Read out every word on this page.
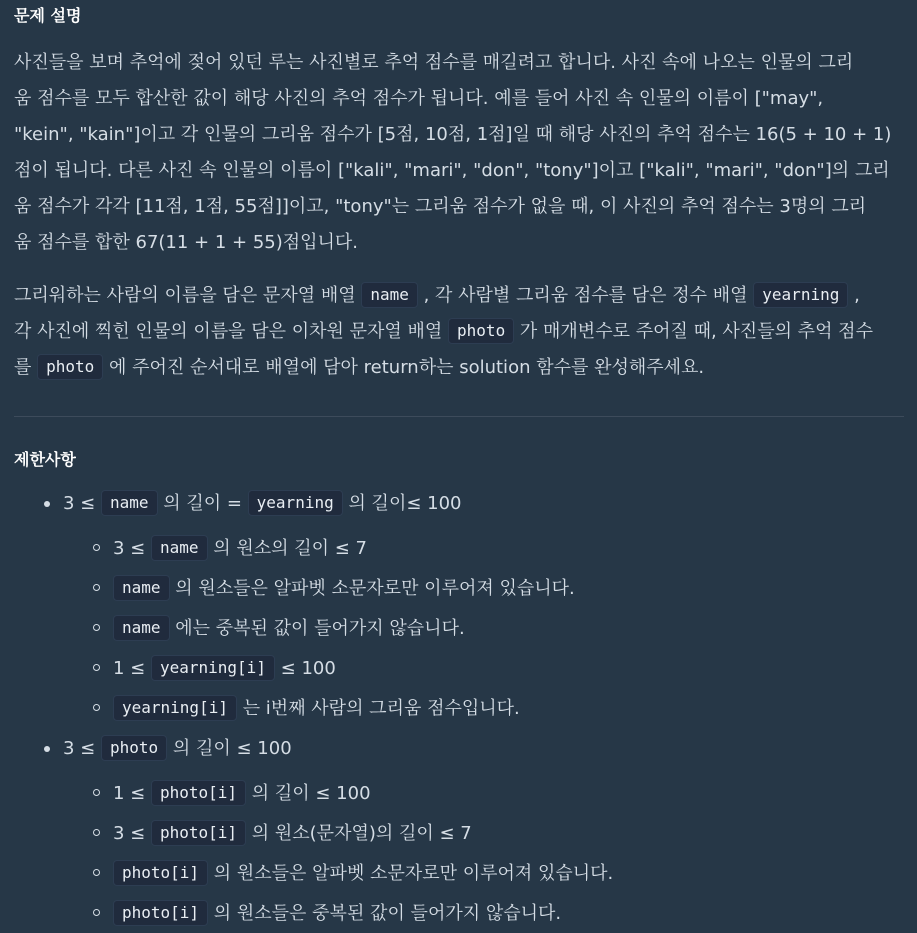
문제 설명
사진들을 보며 추억에 젖어 있던 루는 사진별로 추억 점수를 매길려고 합니다. 사진 속에 나오는 인물의 그리
움 점수를 모두 합산한 값이 해당 사진의 추억 점수가 됩니다. 예를 들어 사진 속 인물의 이름이 ["may",
"kein", "kain"]이고 각 인물의 그리움 점수가 [5점, 10점, 1점]일 때 해당 사진의 추억 점수는 16(5 + 10 + 1)
점이 됩니다. 다른 사진 속 인물의 이름이 ["kali", "mari", "don", "tony"]이고 ["kali", "mari", "don"]의 그리
움 점수가 각각 [11점, 1점, 55점]]이고, "tony"는 그리움 점수가 없을 때, 이 사진의 추억 점수는 3명의 그리
움 점수를 합한 67(11 + 1 + 55)점입니다.
그리워하는 사람의 이름을 담은 문자열 배열 name , 각 사람별 그리움 점수를 담은 정수 배열 yearning ,
각 사진에 찍힌 인물의 이름을 담은 이차원 문자열 배열 photo 가 매개변수로 주어질 때, 사진들의 추억 점수
를 photo 에 주어진 순서대로 배열에 담아 return하는 solution 함수를 완성해주세요.
제한사항
3 ≤ name 의 길이 = yearning 의 길이≤ 100
3 ≤ name 의 원소의 길이 ≤ 7
name 의 원소들은 알파벳 소문자로만 이루어져 있습니다.
name 에는 중복된 값이 들어가지 않습니다.
1 ≤ yearning[i] ≤ 100
yearning[i] 는 i번째 사람의 그리움 점수입니다.
3 ≤ photo 의 길이 ≤ 100
1 ≤ photo[i] 의 길이 ≤ 100
3 ≤ photo[i] 의 원소(문자열)의 길이 ≤ 7
photo[i] 의 원소들은 알파벳 소문자로만 이루어져 있습니다.
photo[i] 의 원소들은 중복된 값이 들어가지 않습니다.
